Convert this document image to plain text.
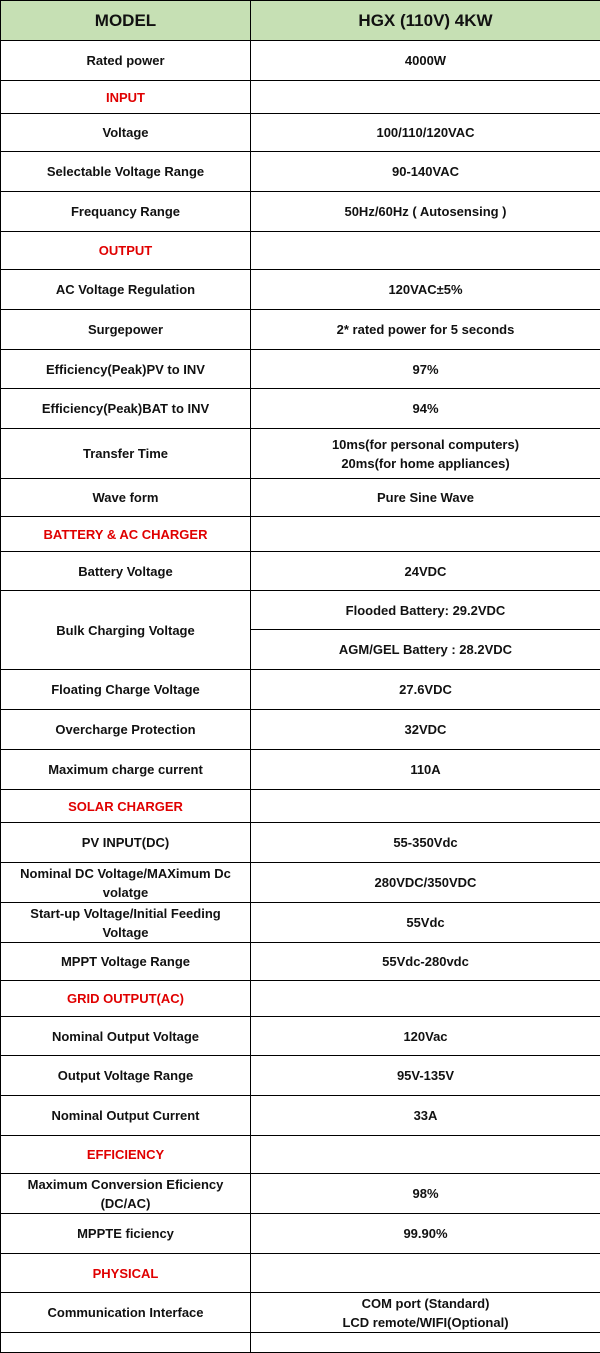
MODEL	HGX (110V) 4KW
Rated power	4000W
INPUT	
Voltage	100/110/120VAC
Selectable Voltage Range	90-140VAC
Frequancy Range	50Hz/60Hz ( Autosensing )
OUTPUT	
AC Voltage Regulation	120VAC±5%
Surgepower	2* rated power for 5 seconds
Efficiency(Peak)PV to INV	97%
Efficiency(Peak)BAT to INV	94%
Transfer Time	10ms(for personal computers)
20ms(for home appliances)

Wave form	Pure Sine Wave
BATTERY & AC CHARGER	
Battery Voltage	24VDC
Bulk Charging Voltage	Flooded Battery: 29.2VDC
	AGM/GEL Battery : 28.2VDC
Floating Charge Voltage	27.6VDC
Overcharge Protection	32VDC
Maximum charge current	110A
SOLAR CHARGER	
PV INPUT(DC)	55-350Vdc

Nominal DC Voltage/MAXimum Dc
volatge	280VDC/350VDC

Start-up Voltage/Initial Feeding
Voltage	55Vdc
MPPT Voltage Range	55Vdc-280vdc
GRID OUTPUT(AC)	
Nominal Output Voltage	120Vac
Output Voltage Range	95V-135V
Nominal Output Current	33A
EFFICIENCY	

Maximum Conversion Eficiency
(DC/AC)	98%
MPPTE ficiency	99.90%
PHYSICAL	
Communication Interface	COM port (Standard)
LCD remote/WIFI(Optional)
